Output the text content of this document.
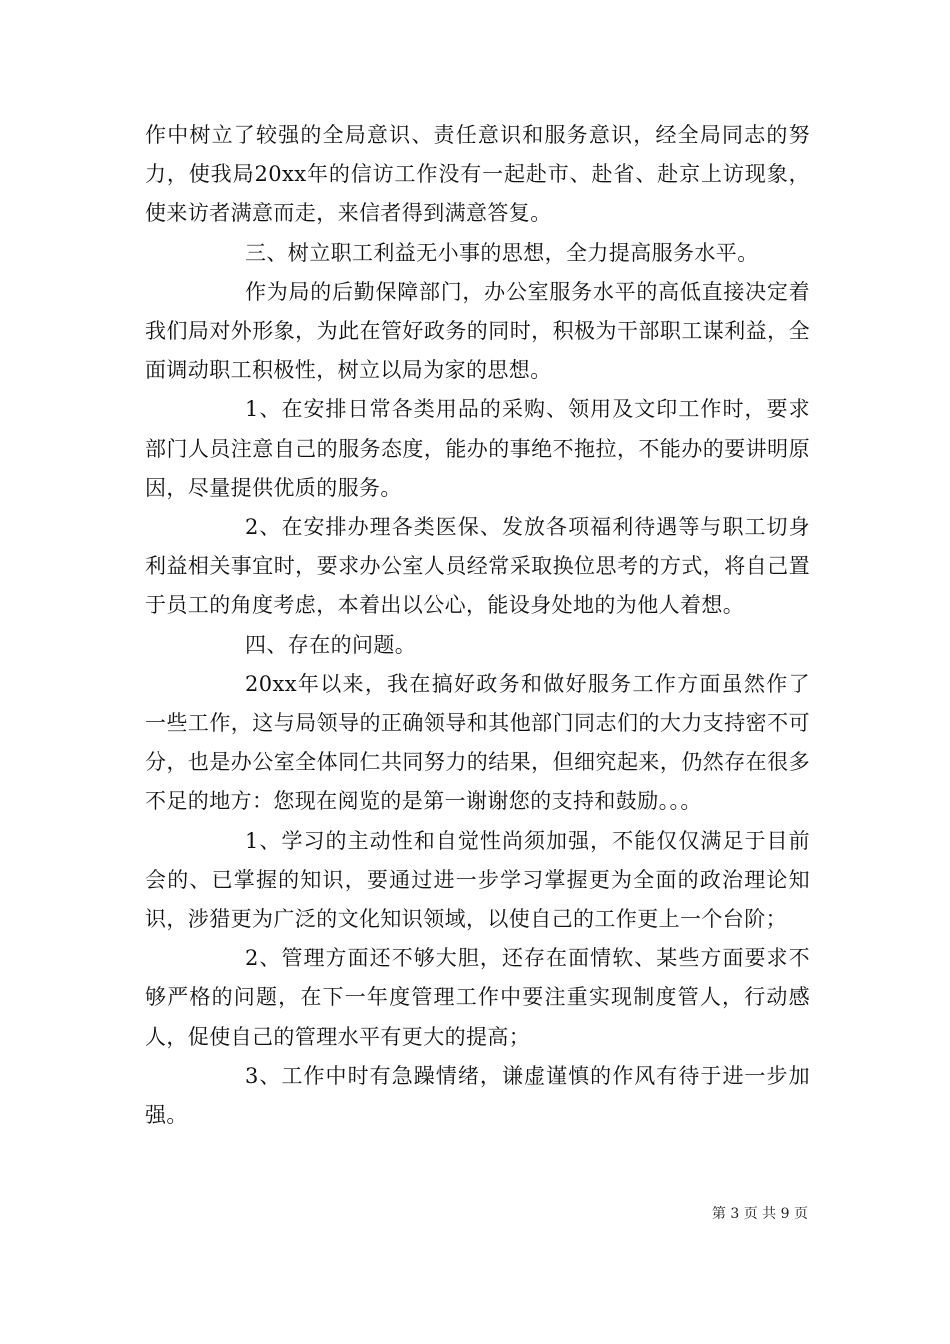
作中树立了较强的全局意识、责任意识和服务意识，经全局同志的努力，使我局20xx年的信访工作没有一起赴市、赴省、赴京上访现象，使来访者满意而走，来信者得到满意答复。

三、树立职工利益无小事的思想，全力提高服务水平。

作为局的后勤保障部门，办公室服务水平的高低直接决定着我们局对外形象，为此在管好政务的同时，积极为干部职工谋利益，全面调动职工积极性，树立以局为家的思想。

1、在安排日常各类用品的采购、领用及文印工作时，要求部门人员注意自己的服务态度，能办的事绝不拖拉，不能办的要讲明原因，尽量提供优质的服务。

2、在安排办理各类医保、发放各项福利待遇等与职工切身利益相关事宜时，要求办公室人员经常采取换位思考的方式，将自己置于员工的角度考虑，本着出以公心，能设身处地的为他人着想。

四、存在的问题。

20xx年以来，我在搞好政务和做好服务工作方面虽然作了一些工作，这与局领导的正确领导和其他部门同志们的大力支持密不可分，也是办公室全体同仁共同努力的结果，但细究起来，仍然存在很多不足的地方：您现在阅览的是第一谢谢您的支持和鼓励。。。

1、学习的主动性和自觉性尚须加强，不能仅仅满足于目前会的、已掌握的知识，要通过进一步学习掌握更为全面的政治理论知识，涉猎更为广泛的文化知识领域，以使自己的工作更上一个台阶；

2、管理方面还不够大胆，还存在面情软、某些方面要求不够严格的问题，在下一年度管理工作中要注重实现制度管人，行动感人，促使自己的管理水平有更大的提高；

3、工作中时有急躁情绪，谦虚谨慎的作风有待于进一步加强。

第 3 页 共 9 页
